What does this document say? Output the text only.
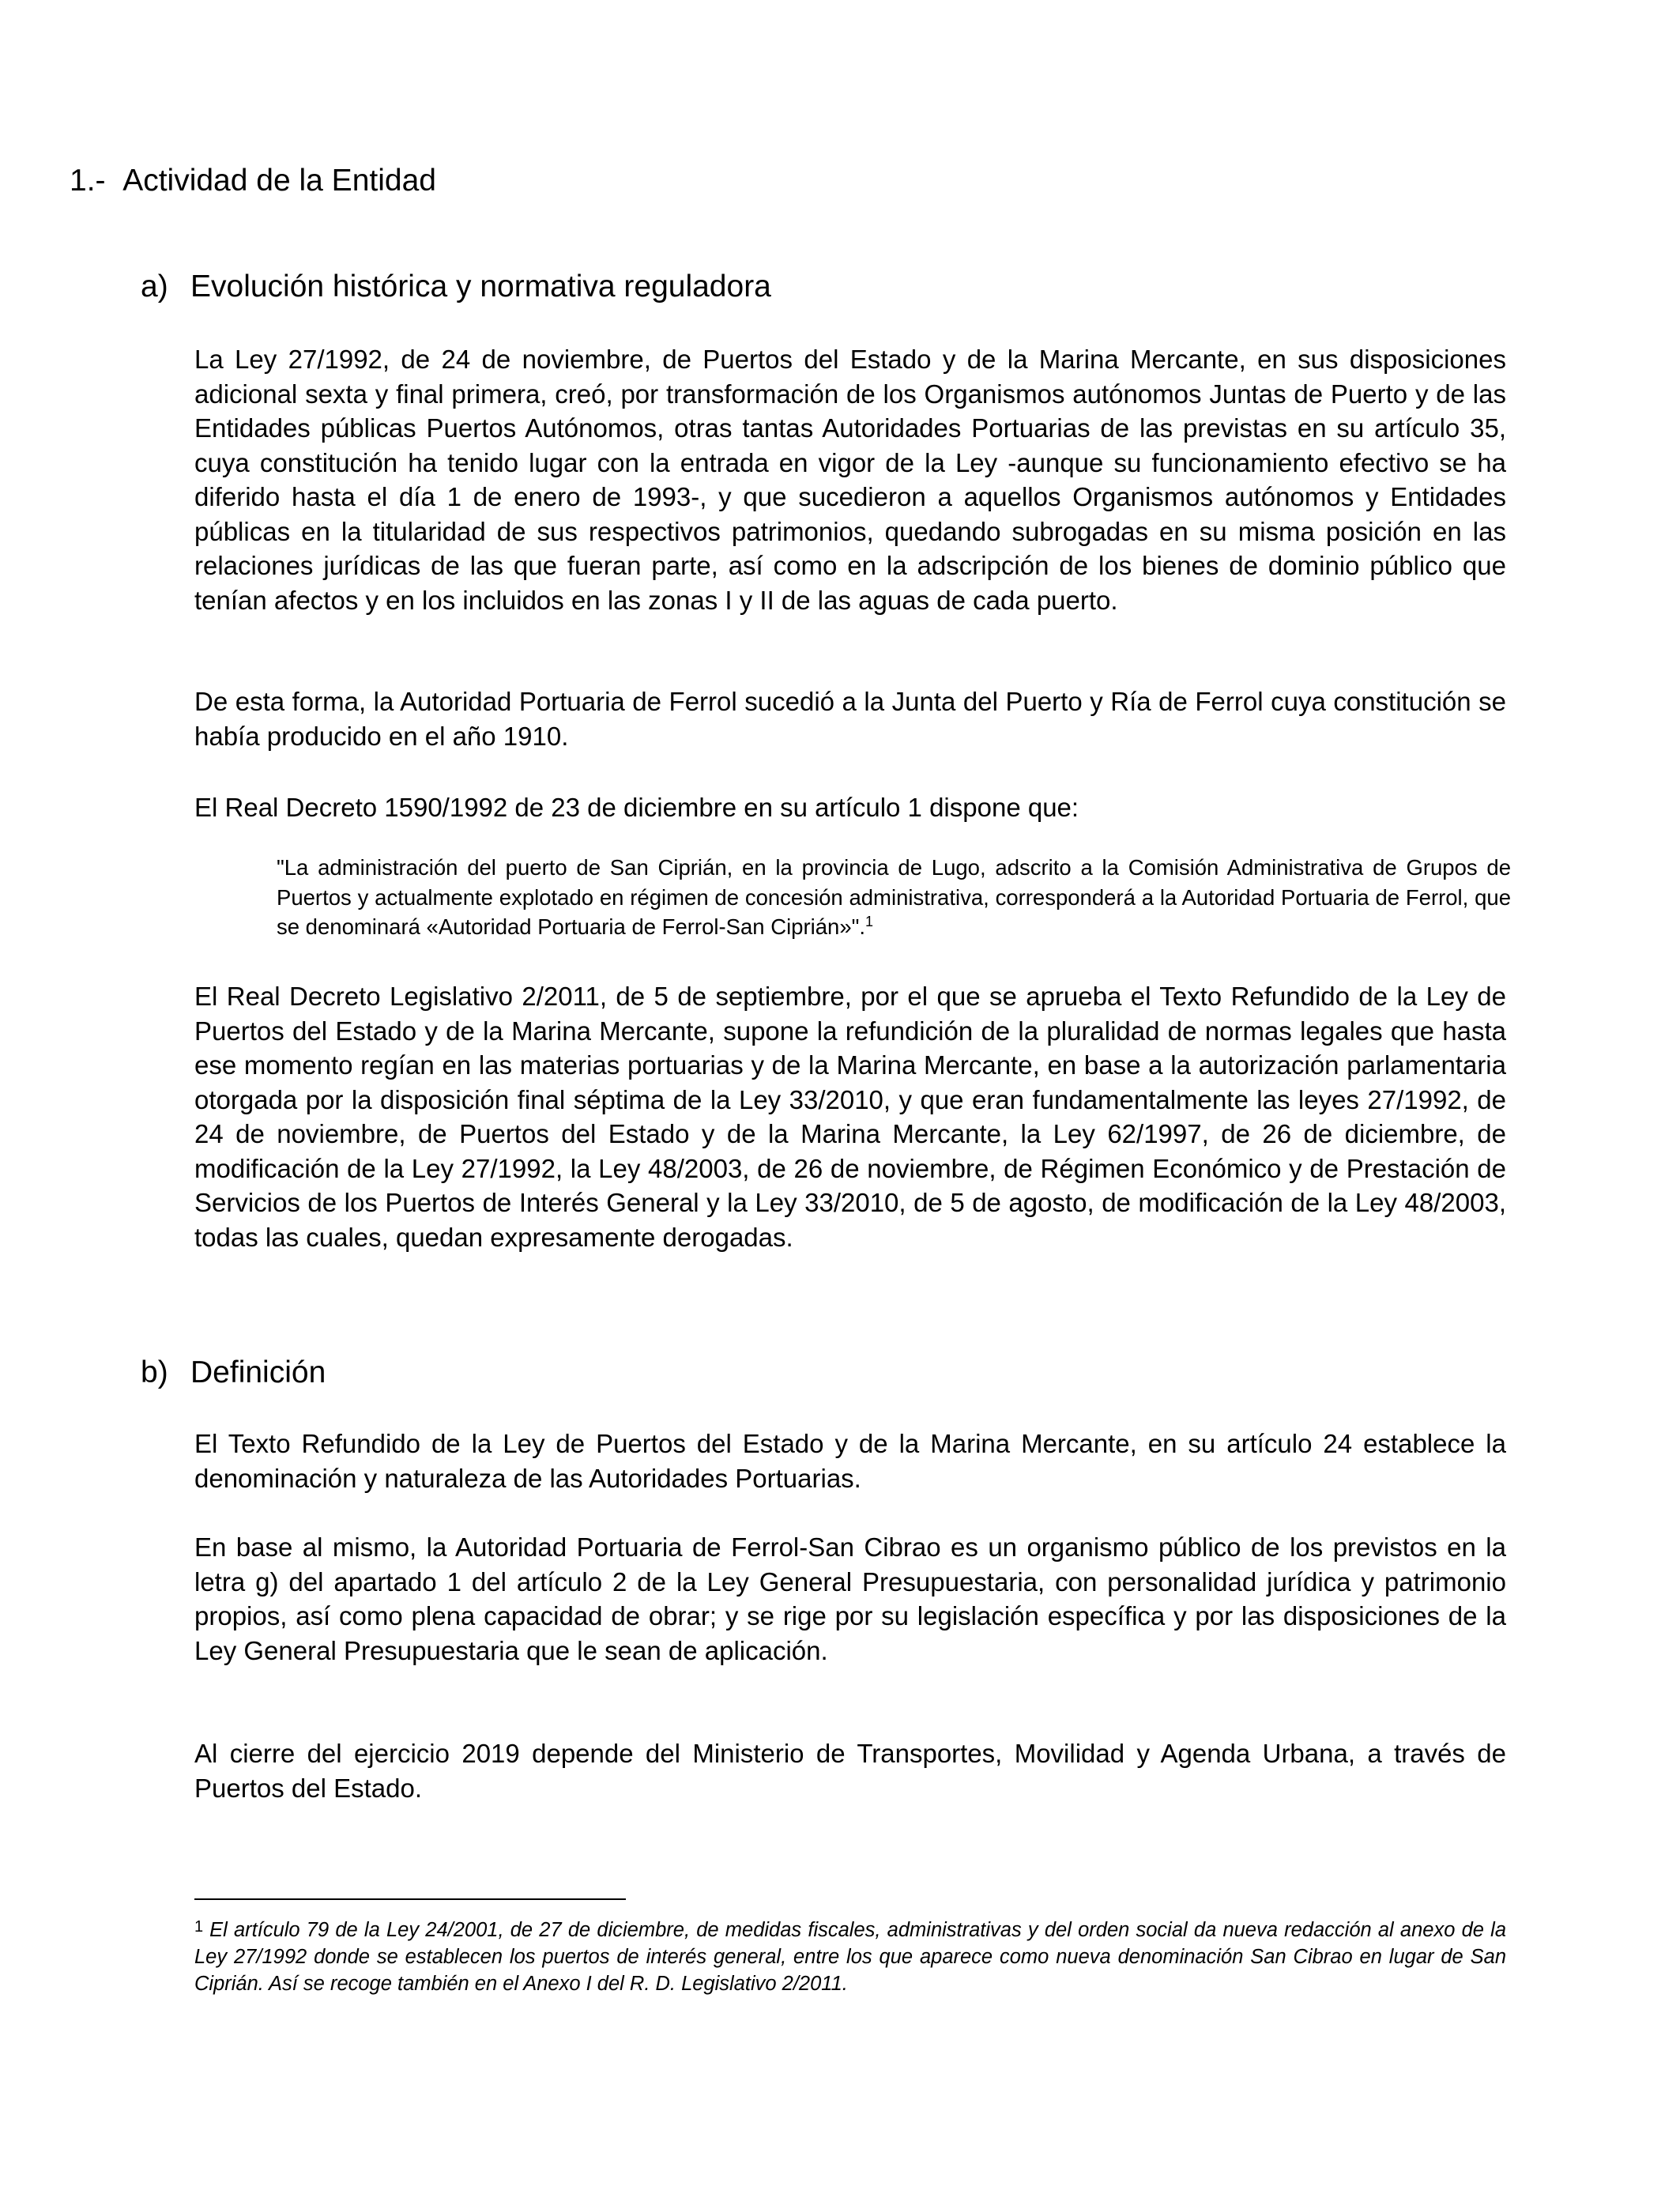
1.- Actividad de la Entidad
a) Evolución histórica y normativa reguladora

La Ley 27/1992, de 24 de noviembre, de Puertos del Estado y de la Marina Mercante, en sus disposiciones adicional sexta y final primera, creó, por transformación de los Organismos autónomos Juntas de Puerto y de las Entidades públicas Puertos Autónomos, otras tantas Autoridades Portuarias de las previstas en su artículo 35, cuya constitución ha tenido lugar con la entrada en vigor de la Ley -aunque su funcionamiento efectivo se ha diferido hasta el día 1 de enero de 1993-, y que sucedieron a aquellos Organismos autónomos y Entidades públicas en la titularidad de sus respectivos patrimonios, quedando subrogadas en su misma posición en las relaciones jurídicas de las que fueran parte, así como en la adscripción de los bienes de dominio público que tenían afectos y en los incluidos en las zonas I y II de las aguas de cada puerto.

De esta forma, la Autoridad Portuaria de Ferrol sucedió a la Junta del Puerto y Ría de Ferrol cuya constitución se había producido en el año 1910.

El Real Decreto 1590/1992 de 23 de diciembre en su artículo 1 dispone que:

"La administración del puerto de San Ciprián, en la provincia de Lugo, adscrito a la Comisión Administrativa de Grupos de Puertos y actualmente explotado en régimen de concesión administrativa, corresponderá a la Autoridad Portuaria de Ferrol, que se denominará «Autoridad Portuaria de Ferrol-San Ciprián»".$^1$

El Real Decreto Legislativo 2/2011, de 5 de septiembre, por el que se aprueba el Texto Refundido de la Ley de Puertos del Estado y de la Marina Mercante, supone la refundición de la pluralidad de normas legales que hasta ese momento regían en las materias portuarias y de la Marina Mercante, en base a la autorización parlamentaria otorgada por la disposición final séptima de la Ley 33/2010, y que eran fundamentalmente las leyes 27/1992, de 24 de noviembre, de Puertos del Estado y de la Marina Mercante, la Ley 62/1997, de 26 de diciembre, de modificación de la Ley 27/1992, la Ley 48/2003, de 26 de noviembre, de Régimen Económico y de Prestación de Servicios de los Puertos de Interés General y la Ley 33/2010, de 5 de agosto, de modificación de la Ley 48/2003, todas las cuales, quedan expresamente derogadas.

b) Definición

El Texto Refundido de la Ley de Puertos del Estado y de la Marina Mercante, en su artículo 24 establece la denominación y naturaleza de las Autoridades Portuarias.

En base al mismo, la Autoridad Portuaria de Ferrol-San Cibrao es un organismo público de los previstos en la letra g) del apartado 1 del artículo 2 de la Ley General Presupuestaria, con personalidad jurídica y patrimonio propios, así como plena capacidad de obrar; y se rige por su legislación específica y por las disposiciones de la Ley General Presupuestaria que le sean de aplicación.

Al cierre del ejercicio 2019 depende del Ministerio de Transportes, Movilidad y Agenda Urbana, a través de Puertos del Estado.

$^1$ El artículo 79 de la Ley 24/2001, de 27 de diciembre, de medidas fiscales, administrativas y del orden social da nueva redacción al anexo de la Ley 27/1992 donde se establecen los puertos de interés general, entre los que aparece como nueva denominación San Cibrao en lugar de San Ciprián. Así se recoge también en el Anexo I del R. D. Legislativo 2/2011.
